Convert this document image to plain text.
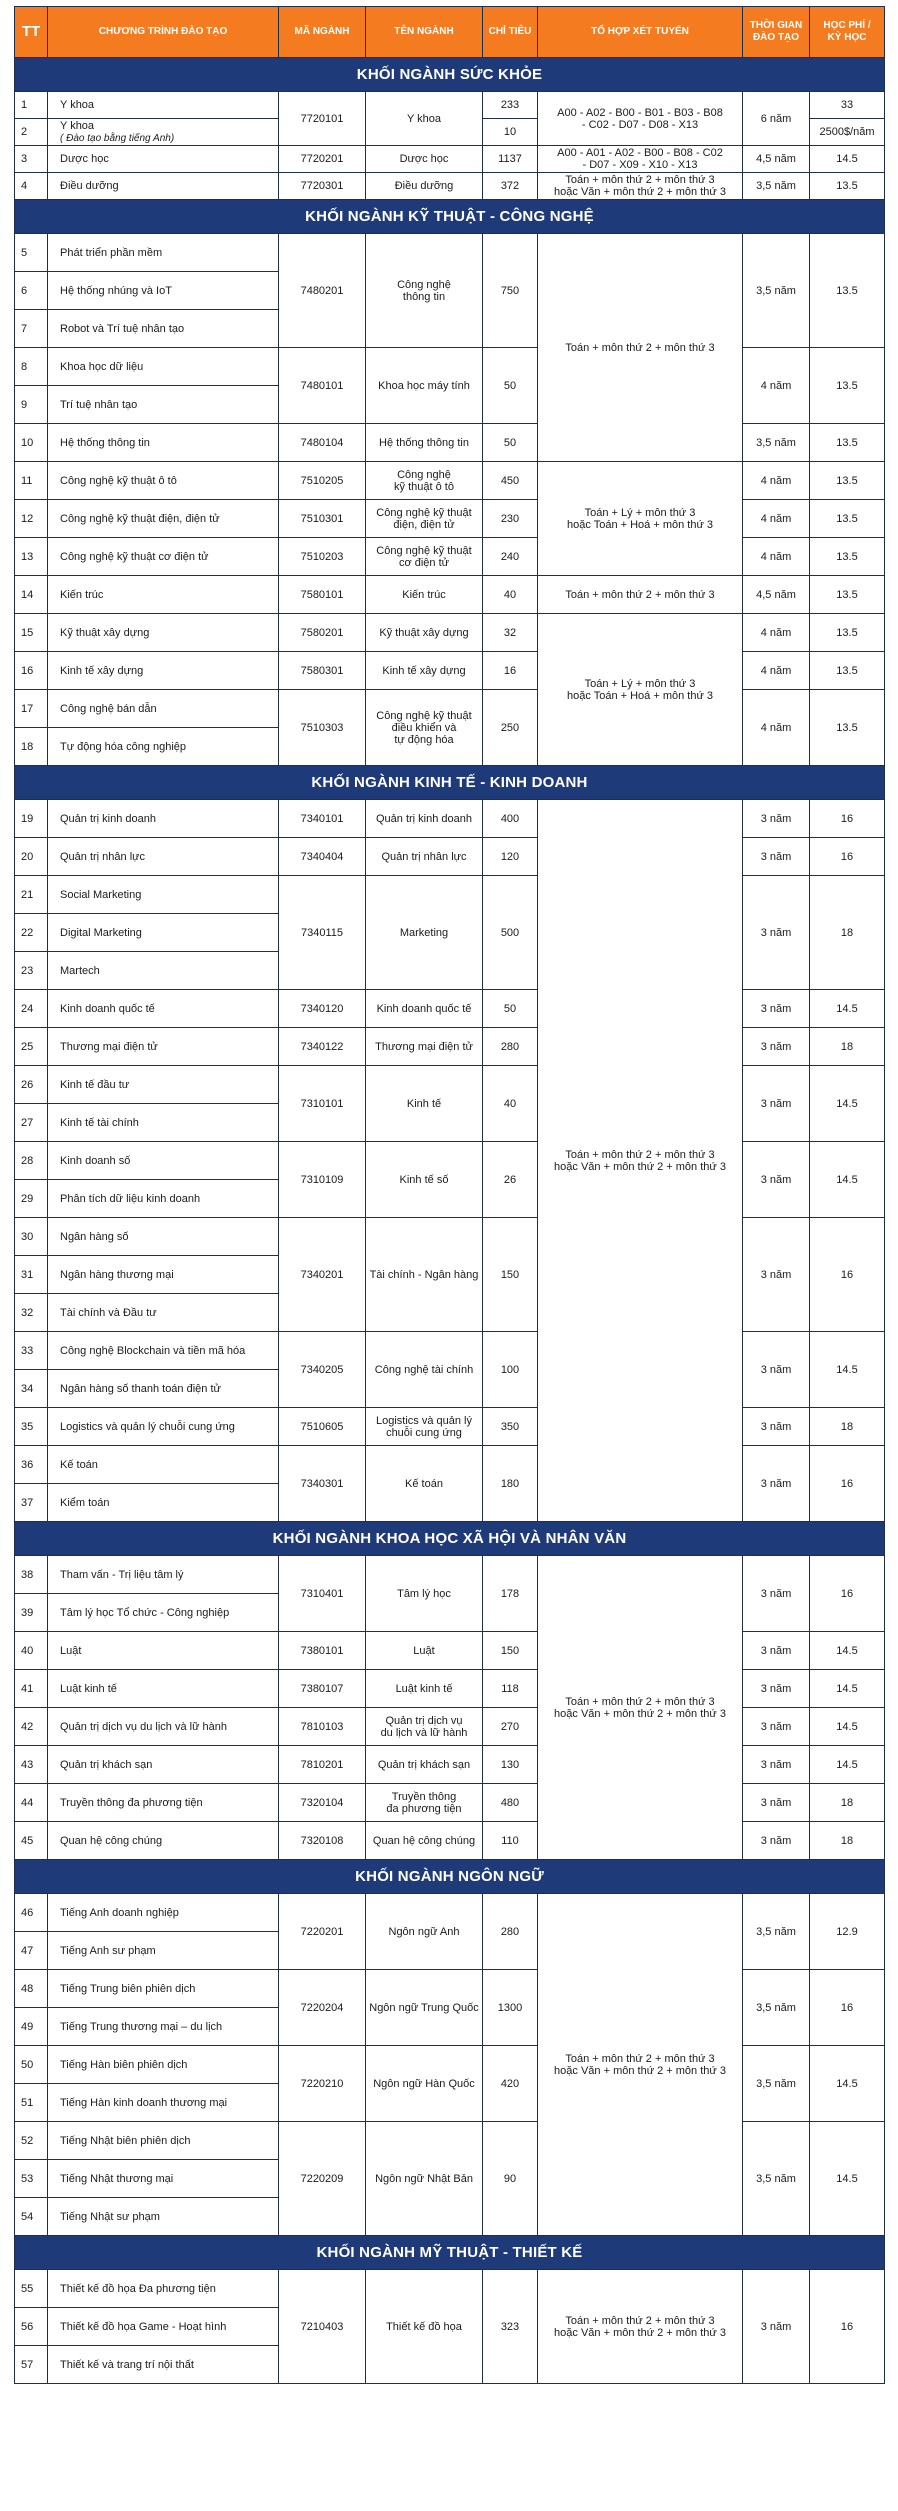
TT	CHƯƠNG TRÌNH ĐÀO TẠO	MÃ NGÀNH	TÊN NGÀNH	CHỈ TIÊU	TỔ HỢP XÉT TUYỂN	THỜI GIAN
ĐÀO TẠO	HỌC PHÍ /
KỲ HỌC
KHỐI NGÀNH SỨC KHỎE							
1	Y khoa	7720101	Y khoa	233	A00 - A02 - B00 - B01 - B03 - B08
- C02 - D07 - D08 - X13	6 năm	33
2	Y khoa
( Đào tạo bằng tiếng Anh)			10			2500$/năm
3	Dược học	7720201	Dược học	1137	A00 - A01 - A02 - B00 - B08 - C02
- D07 - X09 - X10 - X13	4,5 năm	14.5
4	Điều dưỡng	7720301	Điều dưỡng	372	Toán + môn thứ 2 + môn thứ 3
hoặc Văn + môn thứ 2 + môn thứ 3	3,5 năm	13.5
KHỐI NGÀNH KỸ THUẬT - CÔNG NGHỆ							
5	Phát triển phần mềm	7480201	Công nghệ
thông tin	750	Toán + môn thứ 2 + môn thứ 3	3,5 năm	13.5
6	Hệ thống nhúng và IoT						
7	Robot và Trí tuệ nhân tạo						
8	Khoa học dữ liệu	7480101	Khoa học máy tính	50		4 năm	13.5
9	Trí tuệ nhân tạo						
10	Hệ thống thông tin	7480104	Hệ thống thông tin	50		3,5 năm	13.5
11	Công nghệ kỹ thuật ô tô	7510205	Công nghệ
kỹ thuật ô tô	450	Toán + Lý + môn thứ 3
hoặc Toán + Hoá + môn thứ 3	4 năm	13.5
12	Công nghệ kỹ thuật điện, điện tử	7510301	Công nghệ kỹ thuật
điện, điện tử	230		4 năm	13.5
13	Công nghệ kỹ thuật cơ điện tử	7510203	Công nghệ kỹ thuật
cơ điện tử	240		4 năm	13.5
14	Kiến trúc	7580101	Kiến trúc	40	Toán + môn thứ 2 + môn thứ 3	4,5 năm	13.5
15	Kỹ thuật xây dựng	7580201	Kỹ thuật xây dựng	32	Toán + Lý + môn thứ 3
hoặc Toán + Hoá + môn thứ 3	4 năm	13.5
16	Kinh tế xây dựng	7580301	Kinh tế xây dựng	16		4 năm	13.5
17	Công nghệ bán dẫn	7510303	Công nghệ kỹ thuật
điều khiển và
tự động hóa	250		4 năm	13.5
18	Tự động hóa công nghiệp						
KHỐI NGÀNH KINH TẾ - KINH DOANH							
19	Quản trị kinh doanh	7340101	Quản trị kinh doanh	400	Toán + môn thứ 2 + môn thứ 3
hoặc Văn + môn thứ 2 + môn thứ 3	3 năm	16
20	Quản trị nhân lực	7340404	Quản trị nhân lực	120		3 năm	16
21	Social Marketing	7340115	Marketing	500		3 năm	18
22	Digital Marketing						
23	Martech						
24	Kinh doanh quốc tế	7340120	Kinh doanh quốc tế	50		3 năm	14.5
25	Thương mại điện tử	7340122	Thương mại điện tử	280		3 năm	18
26	Kinh tế đầu tư	7310101	Kinh tế	40		3 năm	14.5
27	Kinh tế tài chính						
28	Kinh doanh số	7310109	Kinh tế số	26		3 năm	14.5
29	Phân tích dữ liệu kinh doanh						
30	Ngân hàng số	7340201	Tài chính - Ngân hàng	150		3 năm	16
31	Ngân hàng thương mại						
32	Tài chính và Đầu tư						
33	Công nghệ Blockchain và tiền mã hóa	7340205	Công nghệ tài chính	100		3 năm	14.5
34	Ngân hàng số thanh toán điện tử						
35	Logistics và quản lý chuỗi cung ứng	7510605	Logistics và quản lý
chuỗi cung ứng	350		3 năm	18
36	Kế toán	7340301	Kế toán	180		3 năm	16
37	Kiểm toán						
KHỐI NGÀNH KHOA HỌC XÃ HỘI VÀ NHÂN VĂN							
38	Tham vấn - Trị liệu tâm lý	7310401	Tâm lý học	178	Toán + môn thứ 2 + môn thứ 3
hoặc Văn + môn thứ 2 + môn thứ 3	3 năm	16
39	Tâm lý học Tổ chức - Công nghiệp						
40	Luật	7380101	Luật	150		3 năm	14.5
41	Luật kinh tế	7380107	Luật kinh tế	118		3 năm	14.5
42	Quản trị dịch vụ du lịch và lữ hành	7810103	Quản trị dịch vụ
du lịch và lữ hành	270		3 năm	14.5
43	Quản trị khách sạn	7810201	Quản trị khách sạn	130		3 năm	14.5
44	Truyền thông đa phương tiện	7320104	Truyền thông
đa phương tiện	480		3 năm	18
45	Quan hệ công chúng	7320108	Quan hệ công chúng	110		3 năm	18
KHỐI NGÀNH NGÔN NGỮ							
46	Tiếng Anh doanh nghiệp	7220201	Ngôn ngữ Anh	280	Toán + môn thứ 2 + môn thứ 3
hoặc Văn + môn thứ 2 + môn thứ 3	3,5 năm	12.9
47	Tiếng Anh sư phạm						
48	Tiếng Trung biên phiên dịch	7220204	Ngôn ngữ Trung Quốc	1300		3,5 năm	16
49	Tiếng Trung thương mại – du lịch						
50	Tiếng Hàn biên phiên dịch	7220210	Ngôn ngữ Hàn Quốc	420		3,5 năm	14.5
51	Tiếng Hàn kinh doanh thương mại						
52	Tiếng Nhật biên phiên dịch	7220209	Ngôn ngữ Nhật Bản	90		3,5 năm	14.5
53	Tiếng Nhật thương mại						
54	Tiếng Nhật sư phạm						
KHỐI NGÀNH MỸ THUẬT - THIẾT KẾ							
55	Thiết kế đồ họa Đa phương tiện	7210403	Thiết kế đồ họa	323	Toán + môn thứ 2 + môn thứ 3
hoặc Văn + môn thứ 2 + môn thứ 3	3 năm	16
56	Thiết kế đồ họa Game - Hoạt hình						
57	Thiết kế và trang trí nội thất						
